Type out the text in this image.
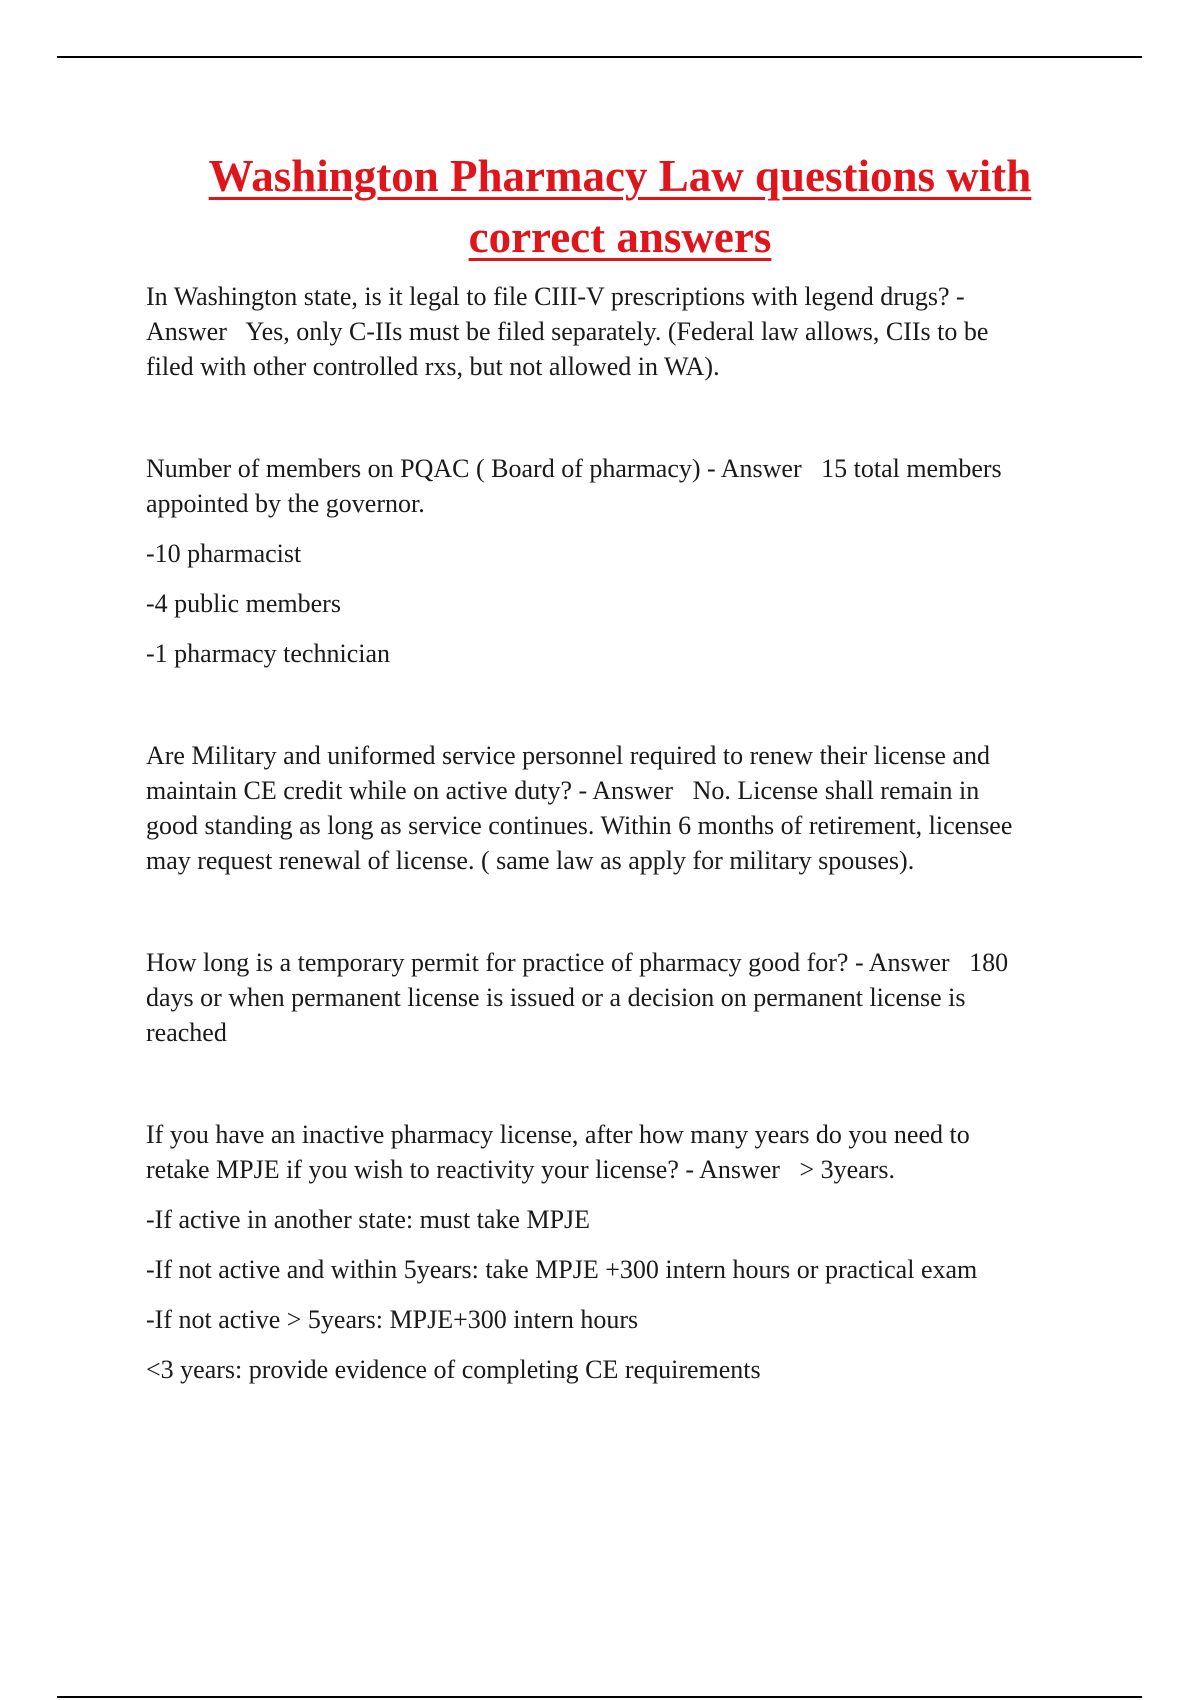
Washington Pharmacy Law questions with
correct answers

In Washington state, is it legal to file CIII-V prescriptions with legend drugs? -

Answer   Yes, only C-IIs must be filed separately. (Federal law allows, CIIs to be

filed with other controlled rxs, but not allowed in WA).

Number of members on PQAC ( Board of pharmacy) - Answer   15 total members

appointed by the governor.

-10 pharmacist

-4 public members

-1 pharmacy technician

Are Military and uniformed service personnel required to renew their license and

maintain CE credit while on active duty? - Answer   No. License shall remain in

good standing as long as service continues. Within 6 months of retirement, licensee

may request renewal of license. ( same law as apply for military spouses).

How long is a temporary permit for practice of pharmacy good for? - Answer   180

days or when permanent license is issued or a decision on permanent license is

reached

If you have an inactive pharmacy license, after how many years do you need to

retake MPJE if you wish to reactivity your license? - Answer   > 3years.

-If active in another state: must take MPJE

-If not active and within 5years: take MPJE +300 intern hours or practical exam

-If not active > 5years: MPJE+300 intern hours

<3 years: provide evidence of completing CE requirements
